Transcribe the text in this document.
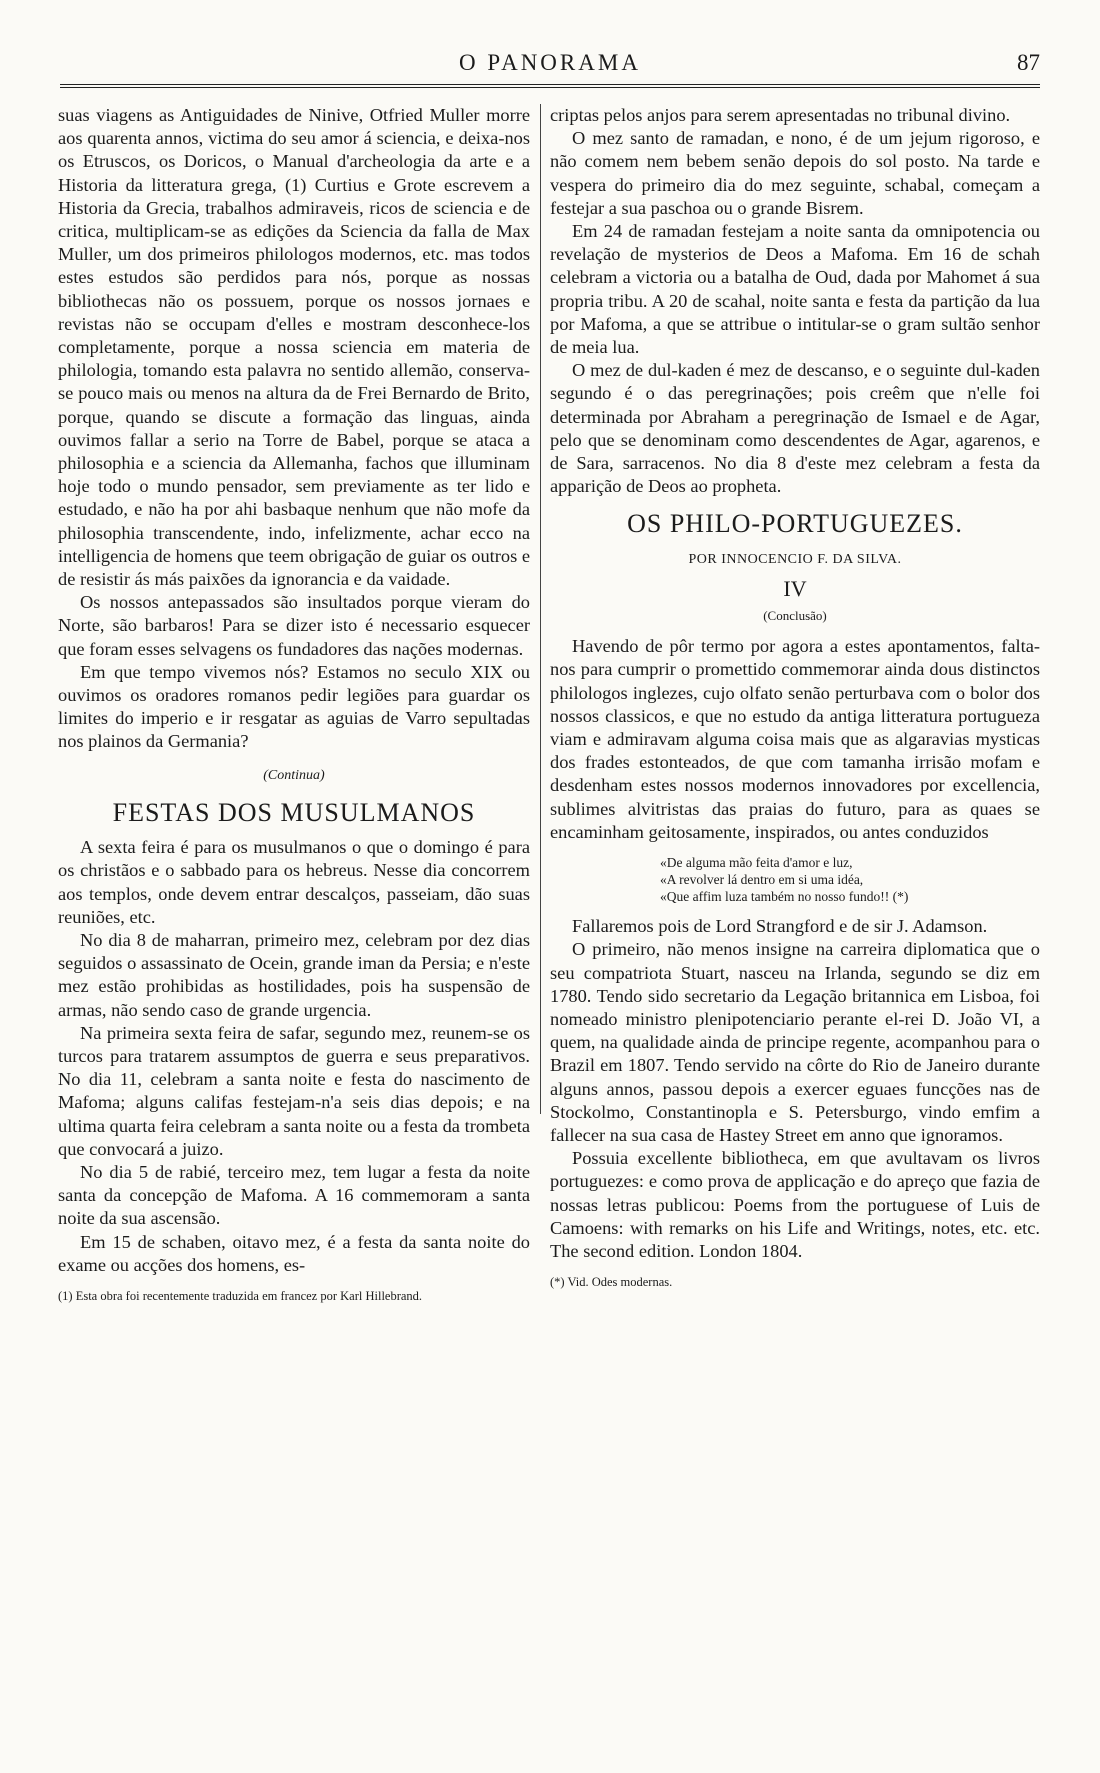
O PANORAMA	87

suas viagens as Antiguidades de Ninive, Otfried Muller morre aos quarenta annos, victima do seu amor á sciencia, e deixa-nos os Etruscos, os Doricos, o Manual d'archeologia da arte e a Historia da litteratura grega, (1) Curtius e Grote escrevem a Historia da Grecia, trabalhos admiraveis, ricos de sciencia e de critica, multiplicam-se as edições da Sciencia da falla de Max Muller, um dos primeiros philologos modernos, etc. mas todos estes estudos são perdidos para nós, porque as nossas bibliothecas não os possuem, porque os nossos jornaes e revistas não se occupam d'elles e mostram desconhece-los completamente, porque a nossa sciencia em materia de philologia, tomando esta palavra no sentido allemão, conserva-se pouco mais ou menos na altura da de Frei Bernardo de Brito, porque, quando se discute a formação das linguas, ainda ouvimos fallar a serio na Torre de Babel, porque se ataca a philosophia e a sciencia da Allemanha, fachos que illuminam hoje todo o mundo pensador, sem previamente as ter lido e estudado, e não ha por ahi basbaque nenhum que não mofe da philosophia transcendente, indo, infelizmente, achar ecco na intelligencia de homens que teem obrigação de guiar os outros e de resistir ás más paixões da ignorancia e da vaidade.

Os nossos antepassados são insultados porque vieram do Norte, são barbaros! Para se dizer isto é necessario esquecer que foram esses selvagens os fundadores das nações modernas.

Em que tempo vivemos nós? Estamos no seculo XIX ou ouvimos os oradores romanos pedir legiões para guardar os limites do imperio e ir resgatar as aguias de Varro sepultadas nos plainos da Germania?

(Continua)

FESTAS DOS MUSULMANOS

A sexta feira é para os musulmanos o que o domingo é para os christãos e o sabbado para os hebreus. Nesse dia concorrem aos templos, onde devem entrar descalços, passeiam, dão suas reuniões, etc.

No dia 8 de maharran, primeiro mez, celebram por dez dias seguidos o assassinato de Ocein, grande iman da Persia; e n'este mez estão prohibidas as hostilidades, pois ha suspensão de armas, não sendo caso de grande urgencia.

Na primeira sexta feira de safar, segundo mez, reunem-se os turcos para tratarem assumptos de guerra e seus preparativos. No dia 11, celebram a santa noite e festa do nascimento de Mafoma; alguns califas festejam-n'a seis dias depois; e na ultima quarta feira celebram a santa noite ou a festa da trombeta que convocará a juizo.

No dia 5 de rabié, terceiro mez, tem lugar a festa da noite santa da concepção de Mafoma. A 16 commemoram a santa noite da sua ascensão.

Em 15 de schaben, oitavo mez, é a festa da santa noite do exame ou acções dos homens, es-

(1) Esta obra foi recentemente traduzida em francez por Karl Hillebrand.

criptas pelos anjos para serem apresentadas no tribunal divino.

O mez santo de ramadan, e nono, é de um jejum rigoroso, e não comem nem bebem senão depois do sol posto. Na tarde e vespera do primeiro dia do mez seguinte, schabal, começam a festejar a sua paschoa ou o grande Bisrem.

Em 24 de ramadan festejam a noite santa da omnipotencia ou revelação de mysterios de Deos a Mafoma. Em 16 de schah celebram a victoria ou a batalha de Oud, dada por Mahomet á sua propria tribu. A 20 de scahal, noite santa e festa da partição da lua por Mafoma, a que se attribue o intitular-se o gram sultão senhor de meia lua.

O mez de dul-kaden é mez de descanso, e o seguinte dul-kaden segundo é o das peregrinações; pois creêm que n'elle foi determinada por Abraham a peregrinação de Ismael e de Agar, pelo que se denominam como descendentes de Agar, agarenos, e de Sara, sarracenos. No dia 8 d'este mez celebram a festa da apparição de Deos ao propheta.

OS PHILO-PORTUGUEZES.
POR INNOCENCIO F. DA SILVA.
IV
(Conclusão)

Havendo de pôr termo por agora a estes apontamentos, falta-nos para cumprir o promettido commemorar ainda dous distinctos philologos inglezes, cujo olfato senão perturbava com o bolor dos nossos classicos, e que no estudo da antiga litteratura portugueza viam e admiravam alguma coisa mais que as algaravias mysticas dos frades estonteados, de que com tamanha irrisão mofam e desdenham estes nossos modernos innovadores por excellencia, sublimes alvitristas das praias do futuro, para as quaes se encaminham geitosamente, inspirados, ou antes conduzidos

«De alguma mão feita d'amor e luz,
«A revolver lá dentro em si uma idéa,
«Que affim luza também no nosso fundo!! (*)

Fallaremos pois de Lord Strangford e de sir J. Adamson.

O primeiro, não menos insigne na carreira diplomatica que o seu compatriota Stuart, nasceu na Irlanda, segundo se diz em 1780. Tendo sido secretario da Legação britannica em Lisboa, foi nomeado ministro plenipotenciario perante el-rei D. João VI, a quem, na qualidade ainda de principe regente, acompanhou para o Brazil em 1807. Tendo servido na côrte do Rio de Janeiro durante alguns annos, passou depois a exercer eguaes funcções nas de Stockolmo, Constantinopla e S. Petersburgo, vindo emfim a fallecer na sua casa de Hastey Street em anno que ignoramos.

Possuia excellente bibliotheca, em que avultavam os livros portuguezes: e como prova de applicação e do apreço que fazia de nossas letras publicou: Poems from the portuguese of Luis de Camoens: with remarks on his Life and Writings, notes, etc. etc. The second edition. London 1804.

(*) Vid. Odes modernas.
